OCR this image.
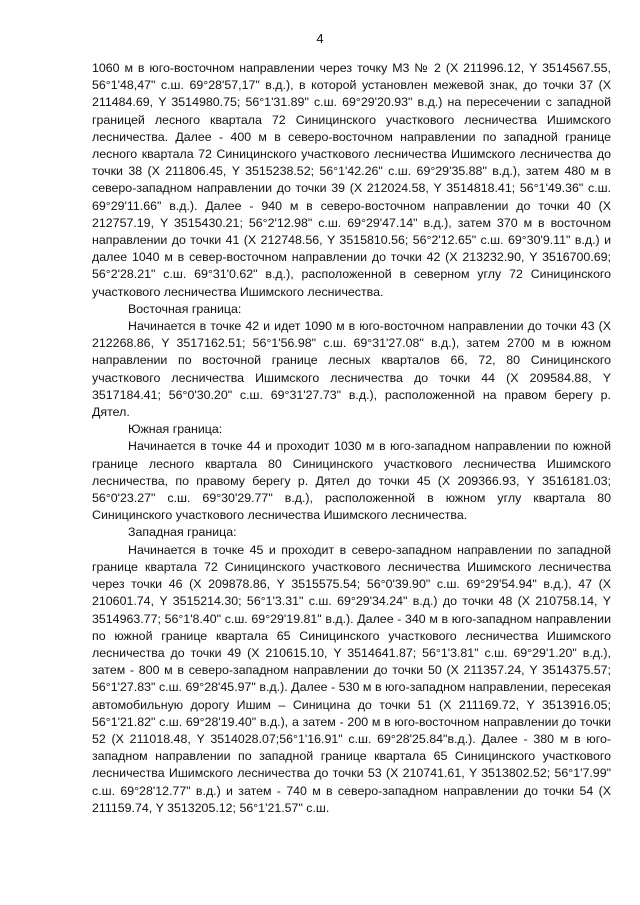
4

1060 м в юго-восточном направлении через точку М3 № 2 (Х 211996.12, Y 3514567.55, 56°1'48,47" с.ш. 69°28'57,17" в.д.), в которой установлен межевой знак, до точки 37 (Х 211484.69, Y 3514980.75; 56°1'31.89" с.ш. 69°29'20.93" в.д.) на пересечении с западной границей лесного квартала 72 Синицинского участкового лесничества Ишимского лесничества. Далее - 400 м в северо-восточном направлении по западной границе лесного квартала 72 Синицинского участкового лесничества Ишимского лесничества до точки 38 (Х 211806.45, Y 3515238.52; 56°1'42.26" с.ш. 69°29'35.88" в.д.), затем 480 м в северо-западном направлении до точки 39 (Х 212024.58, Y 3514818.41; 56°1'49.36" с.ш. 69°29'11.66" в.д.). Далее - 940 м в северо-восточном направлении до точки 40 (Х 212757.19, Y 3515430.21; 56°2'12.98" с.ш. 69°29'47.14" в.д.), затем 370 м в восточном направлении до точки 41 (Х 212748.56, Y 3515810.56; 56°2'12.65" с.ш. 69°30'9.11" в.д.) и далее 1040 м в север-восточном направлении до точки 42 (Х 213232.90, Y 3516700.69; 56°2'28.21" с.ш. 69°31'0.62" в.д.), расположенной в северном углу 72 Синицинского участкового лесничества Ишимского лесничества.

Восточная граница:

Начинается в точке 42 и идет 1090 м в юго-восточном направлении до точки 43 (Х 212268.86, Y 3517162.51; 56°1'56.98" с.ш. 69°31'27.08" в.д.), затем 2700 м в южном направлении по восточной границе лесных кварталов 66, 72, 80 Синицинского участкового лесничества Ишимского лесничества до точки 44 (Х 209584.88, Y 3517184.41; 56°0'30.20" с.ш. 69°31'27.73" в.д.), расположенной на правом берегу р. Дятел.

Южная граница:

Начинается в точке 44 и проходит 1030 м в юго-западном направлении по южной границе лесного квартала 80 Синицинского участкового лесничества Ишимского лесничества, по правому берегу р. Дятел до точки 45 (Х 209366.93, Y 3516181.03; 56°0'23.27" с.ш. 69°30'29.77" в.д.), расположенной в южном углу квартала 80 Синицинского участкового лесничества Ишимского лесничества.

Западная граница:

Начинается в точке 45 и проходит в северо-западном направлении по западной границе квартала 72 Синицинского участкового лесничества Ишимского лесничества через точки 46 (Х 209878.86, Y 3515575.54; 56°0'39.90" с.ш. 69°29'54.94" в.д.), 47 (Х 210601.74, Y 3515214.30; 56°1'3.31" с.ш. 69°29'34.24" в.д.) до точки 48 (Х 210758.14, Y 3514963.77; 56°1'8.40" с.ш. 69°29'19.81" в.д.). Далее - 340 м в юго-западном направлении по южной границе квартала 65 Синицинского участкового лесничества Ишимского лесничества до точки 49 (Х 210615.10, Y 3514641.87; 56°1'3.81" с.ш. 69°29'1.20" в.д.), затем - 800 м в северо-западном направлении до точки 50 (Х 211357.24, Y 3514375.57; 56°1'27.83" с.ш. 69°28'45.97" в.д.). Далее - 530 м в юго-западном направлении, пересекая автомобильную дорогу Ишим – Синицина до точки 51 (Х 211169.72, Y 3513916.05; 56°1'21.82" с.ш. 69°28'19.40" в.д.), а затем - 200 м в юго-восточном направлении до точки 52 (Х 211018.48, Y 3514028.07;56°1'16.91" с.ш. 69°28'25.84"в.д.). Далее - 380 м в юго-западном направлении по западной границе квартала 65 Синицинского участкового лесничества Ишимского лесничества до точки 53 (Х 210741.61, Y 3513802.52; 56°1'7.99" с.ш. 69°28'12.77" в.д.) и затем - 740 м в северо-западном направлении до точки 54 (Х 211159.74, Y 3513205.12; 56°1'21.57" с.ш.
